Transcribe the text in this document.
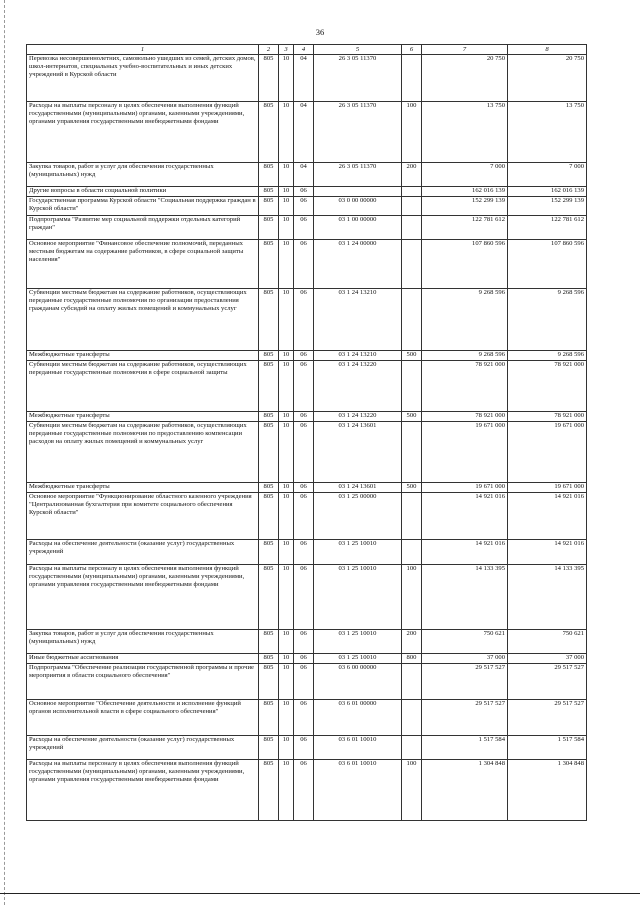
36
1	2	3	4	5	6	7	8
Перевозка несовершеннолетних, самовольно ушедших из семей, детских домов, школ-интернатов, специальных учебно-воспитательных и иных детских учреждений в Курской области	805	10	04	26 3 05 11370		20 750	20 750
Расходы на выплаты персоналу в целях обеспечения выполнения функций государственными (муниципальными) органами, казенными учреждениями, органами управления государственными внебюджетными фондами	805	10	04	26 3 05 11370	100	13 750	13 750
Закупка товаров, работ и услуг для обеспечения государственных (муниципальных) нужд	805	10	04	26 3 05 11370	200	7 000	7 000
Другие вопросы в области социальной политики	805	10	06			162 016 139	162 016 139
Государственная программа Курской области "Социальная поддержка граждан в Курской области"	805	10	06	03 0 00 00000		152 299 139	152 299 139
Подпрограмма "Развитие мер социальной поддержки отдельных категорий граждан"	805	10	06	03 1 00 00000		122 781 612	122 781 612
Основное мероприятие "Финансовое обеспечение полномочий, переданных местным бюджетам на содержание работников, в сфере социальной защиты населения"	805	10	06	03 1 24 00000		107 860 596	107 860 596
Субвенции местным бюджетам на содержание работников, осуществляющих переданные государственные полномочия по организации предоставления гражданам субсидий на оплату жилых помещений и коммунальных услуг	805	10	06	03 1 24 13210		9 268 596	9 268 596
Межбюджетные трансферты	805	10	06	03 1 24 13210	500	9 268 596	9 268 596
Субвенции местным бюджетам на содержание работников, осуществляющих переданные государственные полномочия в сфере социальной защиты	805	10	06	03 1 24 13220		78 921 000	78 921 000
Межбюджетные трансферты	805	10	06	03 1 24 13220	500	78 921 000	78 921 000
Субвенции местным бюджетам на содержание работников, осуществляющих переданные государственные полномочия по предоставлению компенсации расходов на оплату жилых помещений и коммунальных услуг	805	10	06	03 1 24 13601		19 671 000	19 671 000
Межбюджетные трансферты	805	10	06	03 1 24 13601	500	19 671 000	19 671 000
Основное мероприятие "Функционирование областного казенного учреждения "Централизованная бухгалтерия при комитете социального обеспечения Курской области"	805	10	06	03 1 25 00000		14 921 016	14 921 016
Расходы на обеспечение деятельности (оказание услуг) государственных учреждений	805	10	06	03 1 25 10010		14 921 016	14 921 016
Расходы на выплаты персоналу в целях обеспечения выполнения функций государственными (муниципальными) органами, казенными учреждениями, органами управления государственными внебюджетными фондами	805	10	06	03 1 25 10010	100	14 133 395	14 133 395
Закупка товаров, работ и услуг для обеспечения государственных (муниципальных) нужд	805	10	06	03 1 25 10010	200	750 621	750 621
Иные бюджетные ассигнования	805	10	06	03 1 25 10010	800	37 000	37 000
Подпрограмма "Обеспечение реализации государственной программы и прочие мероприятия в области социального обеспечения"	805	10	06	03 6 00 00000		29 517 527	29 517 527
Основное мероприятие "Обеспечение деятельности и исполнение функций органов исполнительной власти в сфере социального обеспечения"	805	10	06	03 6 01 00000		29 517 527	29 517 527
Расходы на обеспечение деятельности (оказание услуг) государственных учреждений	805	10	06	03 6 01 10010		1 517 584	1 517 584
Расходы на выплаты персоналу в целях обеспечения выполнения функций государственными (муниципальными) органами, казенными учреждениями, органами управления государственными внебюджетными фондами	805	10	06	03 6 01 10010	100	1 304 848	1 304 848
